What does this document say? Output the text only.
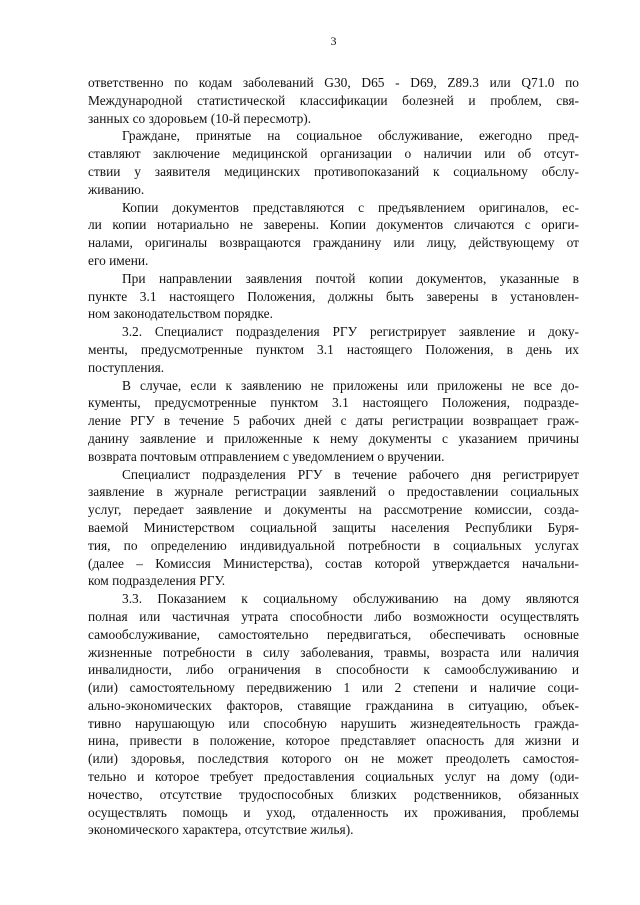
3
ответственно по кодам заболеваний G30, D65 - D69, Z89.3 или Q71.0 по
Международной статистической классификации болезней и проблем, свя-
занных со здоровьем (10-й пересмотр).
Граждане, принятые на социальное обслуживание, ежегодно пред-
ставляют заключение медицинской организации о наличии или об отсут-
ствии у заявителя медицинских противопоказаний к социальному обслу-
живанию.
Копии документов представляются с предъявлением оригиналов, ес-
ли копии нотариально не заверены. Копии документов сличаются с ориги-
налами, оригиналы возвращаются гражданину или лицу, действующему от
его имени.
При направлении заявления почтой копии документов, указанные в
пункте 3.1 настоящего Положения, должны быть заверены в установлен-
ном законодательством порядке.
3.2. Специалист подразделения РГУ регистрирует заявление и доку-
менты, предусмотренные пунктом 3.1 настоящего Положения, в день их
поступления.
В случае, если к заявлению не приложены или приложены не все до-
кументы, предусмотренные пунктом 3.1 настоящего Положения, подразде-
ление РГУ в течение 5 рабочих дней с даты регистрации возвращает граж-
данину заявление и приложенные к нему документы с указанием причины
возврата почтовым отправлением с уведомлением о вручении.
Специалист подразделения РГУ в течение рабочего дня регистрирует
заявление в журнале регистрации заявлений о предоставлении социальных
услуг, передает заявление и документы на рассмотрение комиссии, созда-
ваемой Министерством социальной защиты населения Республики Буря-
тия, по определению индивидуальной потребности в социальных услугах
(далее – Комиссия Министерства), состав которой утверждается начальни-
ком подразделения РГУ.
3.3. Показанием к социальному обслуживанию на дому являются
полная или частичная утрата способности либо возможности осуществлять
самообслуживание, самостоятельно передвигаться, обеспечивать основные
жизненные потребности в силу заболевания, травмы, возраста или наличия
инвалидности, либо ограничения в способности к самообслуживанию и
(или) самостоятельному передвижению 1 или 2 степени и наличие соци-
ально-экономических факторов, ставящие гражданина в ситуацию, объек-
тивно нарушающую или способную нарушить жизнедеятельность гражда-
нина, привести в положение, которое представляет опасность для жизни и
(или) здоровья, последствия которого он не может преодолеть самостоя-
тельно и которое требует предоставления социальных услуг на дому (оди-
ночество, отсутствие трудоспособных близких родственников, обязанных
осуществлять помощь и уход, отдаленность их проживания, проблемы
экономического характера, отсутствие жилья).
